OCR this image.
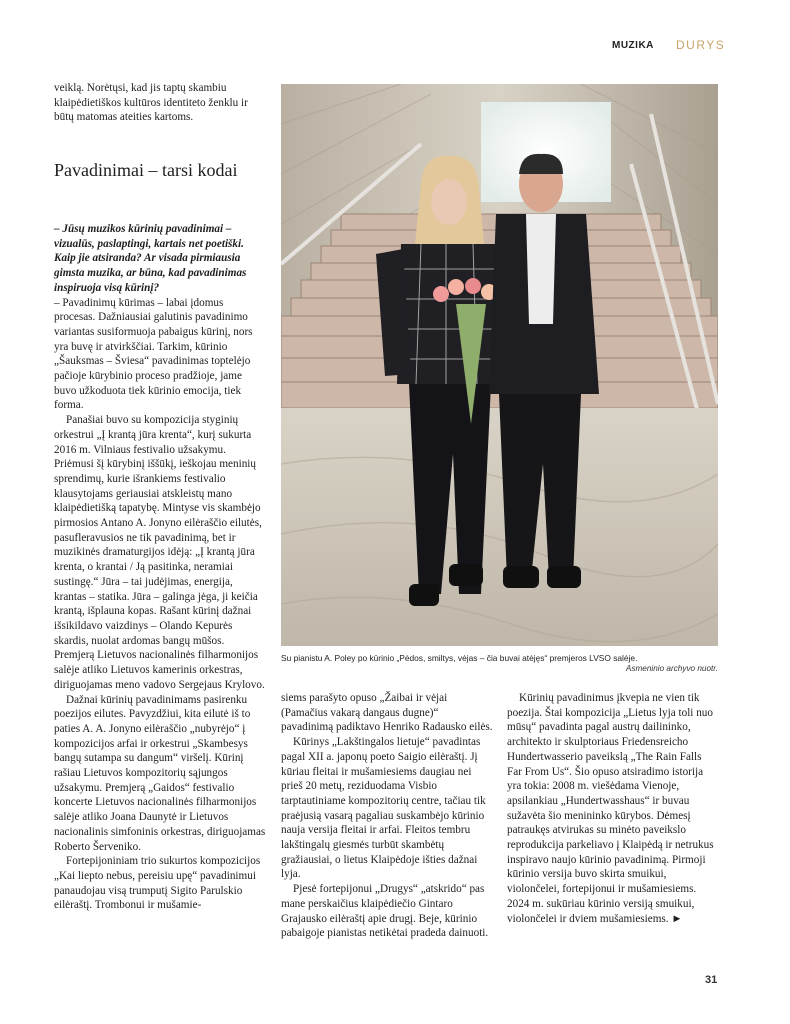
MUZIKA DURYS

veiklą. Norėtųsi, kad jis taptų skambiu klaipėdietiškos kultūros identiteto ženklu ir būtų matomas ateities kartoms.

Pavadinimai – tarsi kodai

– Jūsų muzikos kūrinių pavadinimai – vizualūs, paslaptingi, kartais net poetiški. Kaip jie atsiranda? Ar visada pirmiausia gimsta muzika, ar būna, kad pavadinimas inspiruoja visą kūrinį?

– Pavadinimų kūrimas – labai įdomus procesas. Dažniausiai galutinis pavadinimo variantas susiformuoja pabaigus kūrinį, nors yra buvę ir atvirkščiai. Tarkim, kūrinio „Šauksmas – Šviesa“ pavadinimas toptelėjo pačioje kūrybinio proceso pradžioje, jame buvo užkoduota tiek kūrinio emocija, tiek forma.

Panašiai buvo su kompozicija styginių orkestrui „Į krantą jūra krenta“, kurį sukurta 2016 m. Vilniaus festivalio užsakymu. Priėmusi šį kūrybinį iššūkį, ieškojau meninių sprendimų, kurie išrankiems festivalio klausytojams geriausiai atskleistų mano klaipėdietišką tapatybę. Mintyse vis skambėjo pirmosios Antano A. Jonyno eilėraščio eilutės, pasufleravusios ne tik pavadinimą, bet ir muzikinės dramaturgijos idėją: „Į krantą jūra krenta, o krantai / Ją pasitinka, neramiai sustingę.“ Jūra – tai judėjimas, energija, krantas – statika. Jūra – galinga jėga, ji keičia krantą, išplauna kopas. Rašant kūrinį dažnai išsikildavo vaizdinys – Olando Kepurės skardis, nuolat ardomas bangų mūšos. Premjerą Lietuvos nacionalinės filharmonijos salėje atliko Lietuvos kamerinis orkestras, diriguojamas meno vadovo Sergejaus Krylovo.

Dažnai kūrinių pavadinimams pasirenku poezijos eilutes. Pavyzdžiui, kita eilutė iš to paties A. A. Jonyno eilėraščio „nubyrėjo“ į kompozicijos arfai ir orkestrui „Skambesys bangų sutampa su dangum“ viršelį. Kūrinį rašiau Lietuvos kompozitorių sąjungos užsakymu. Premjerą „Gaidos“ festivalio koncerte Lietuvos nacionalinės filharmonijos salėje atliko Joana Daunytė ir Lietuvos nacionalinis simfoninis orkestras, diriguojamas Roberto Šervenikо.

Fortepijoniniam trio sukurtos kompozicijos „Kai liepto nebus, pereisiu upę“ pavadinimui panaudojau visą trumputį Sigito Parulskio eilėraštį. Trombonui ir mušamie-

Su pianistu A. Poley po kūrinio „Pėdos, smiltys, vėjas – čia buvai atėjęs“ premjeros LVSO salėje.
Asmeninio archyvo nuotr.

siems parašyto opuso „Žaibai ir vėjai (Pamačius vakarą dangaus dugne)“ pavadinimą padiktavo Henriko Radausko eilės.

Kūrinys „Lakštingalos lietuje“ pavadintas pagal XII a. japonų poeto Saigio eilėraštį. Jį kūriau fleitai ir mušamiesiems daugiau nei prieš 20 metų, reziduodama Visbio tarptautiniame kompozitorių centre, tačiau tik praėjusią vasarą pagaliau suskambėjo kūrinio nauja versija fleitai ir arfai. Fleitos tembru lakštingalų giesmės turbūt skambėtų gražiausiai, o lietus Klaipėdoje išties dažnai lyja.

Pjesė fortepijonui „Drugys“ „atskrido“ pas mane perskaičius klaipėdiečio Gintaro Grajausko eilėraštį apie drugį. Beje, kūrinio pabaigoje pianistas netikėtai pradeda dainuoti.

Kūrinių pavadinimus įkvepia ne vien tik poezija. Štai kompozicija „Lietus lyja toli nuo mūsų“ pavadinta pagal austrų dailininko, architekto ir skulptoriaus Friedensreicho Hundertwasserio paveikslą „The Rain Falls Far From Us“. Šio opuso atsiradimo istorija yra tokia: 2008 m. viešėdama Vienoje, apsilankiau „Hundertwasshaus“ ir buvau sužavėta šio menininko kūrybos. Dėmesį patraukęs atvirukas su minėto paveikslo reprodukcija parkeliavo į Klaipėdą ir netrukus inspiravo naujo kūrinio pavadinimą. Pirmoji kūrinio versija buvo skirta smuikui, violončelei, fortepijonui ir mušamiesiems. 2024 m. sukūriau kūrinio versiją smuikui, violončelei ir dviem mušamiesiems. ►

31
